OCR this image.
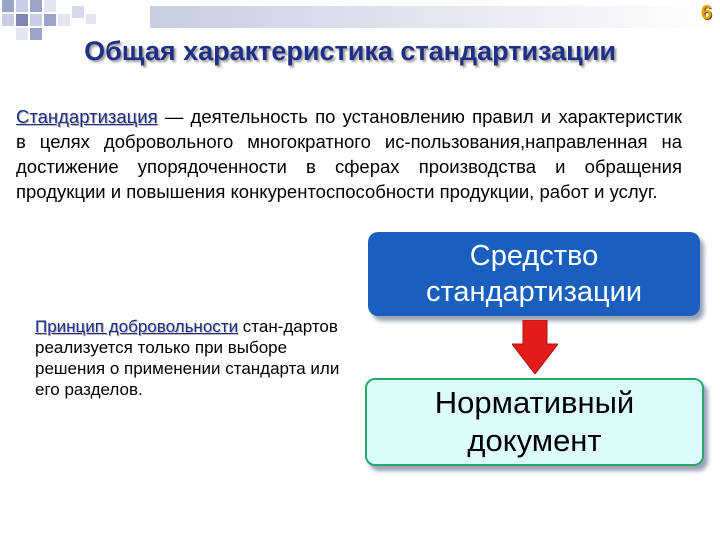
6
Общая характеристика стандартизации
Стандартизация — деятельность по установлению правил и характеристик в целях добровольного многократного ис-пользования,направленная на достижение упорядоченности в сферах производства и обращения продукции и повышения конкурентоспособности продукции, работ и услуг.
Принцип добровольности стан-дартов реализуется только при выборе решения о применении стандарта или его разделов.
Средство
стандартизации
Нормативный
документ
